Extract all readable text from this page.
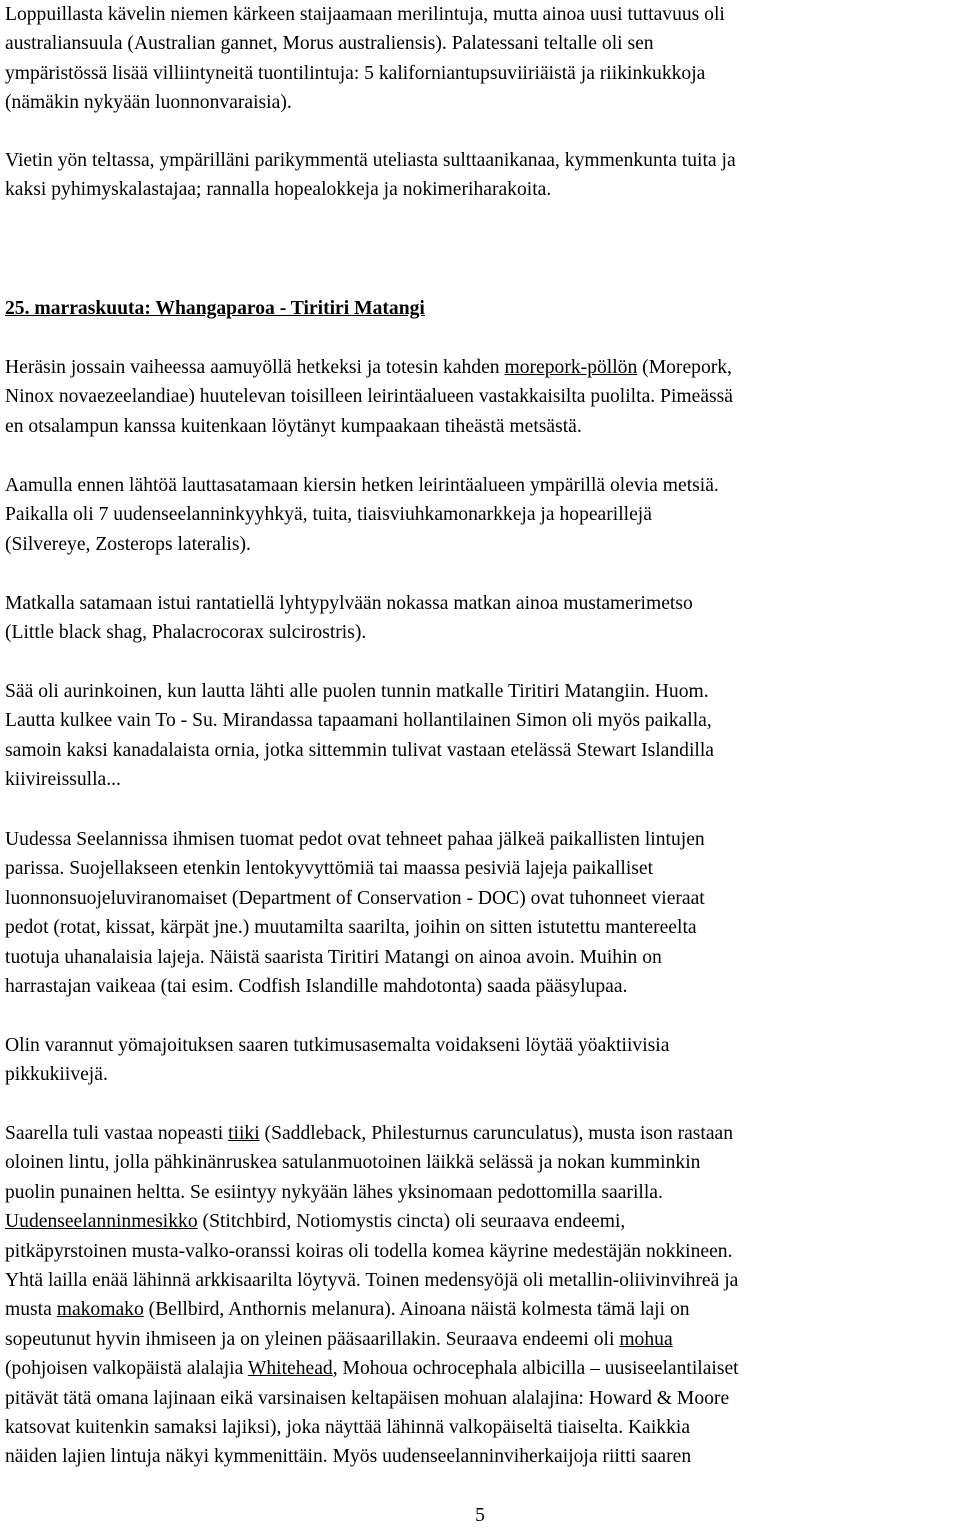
Loppuillasta kävelin niemen kärkeen staijaamaan merilintuja, mutta ainoa uusi tuttavuus oli
australiansuula (Australian gannet, Morus australiensis). Palatessani teltalle oli sen
ympäristössä lisää villiintyneitä tuontilintuja: 5 kaliforniantupsuviiriäistä ja riikinkukkoja
(nämäkin nykyään luonnonvaraisia).

Vietin yön teltassa, ympärilläni parikymmentä uteliasta sulttaanikanaa, kymmenkunta tuita ja
kaksi pyhimyskalastajaa; rannalla hopealokkeja ja nokimeriharakoita.

25. marraskuuta: Whangaparoa - Tiritiri Matangi

Heräsin jossain vaiheessa aamuyöllä hetkeksi ja totesin kahden morepork-pöllön (Morepork,
Ninox novaezeelandiae) huutelevan toisilleen leirintäalueen vastakkaisilta puolilta. Pimeässä
en otsalampun kanssa kuitenkaan löytänyt kumpaakaan tiheästä metsästä.

Aamulla ennen lähtöä lauttasatamaan kiersin hetken leirintäalueen ympärillä olevia metsiä.
Paikalla oli 7 uudenseelanninkyyhkyä, tuita, tiaisviuhkamonarkkeja ja hopearillejä
(Silvereye, Zosterops lateralis).

Matkalla satamaan istui rantatiellä lyhtypylvään nokassa matkan ainoa mustamerimetso
(Little black shag, Phalacrocorax sulcirostris).

Sää oli aurinkoinen, kun lautta lähti alle puolen tunnin matkalle Tiritiri Matangiin. Huom.
Lautta kulkee vain To - Su. Mirandassa tapaamani hollantilainen Simon oli myös paikalla,
samoin kaksi kanadalaista ornia, jotka sittemmin tulivat vastaan etelässä Stewart Islandilla
kiivireissulla...

Uudessa Seelannissa ihmisen tuomat pedot ovat tehneet pahaa jälkeä paikallisten lintujen
parissa. Suojellakseen etenkin lentokyvyttömiä tai maassa pesiviä lajeja paikalliset
luonnonsuojeluviranomaiset (Department of Conservation - DOC) ovat tuhonneet vieraat
pedot (rotat, kissat, kärpät jne.) muutamilta saarilta, joihin on sitten istutettu mantereelta
tuotuja uhanalaisia lajeja. Näistä saarista Tiritiri Matangi on ainoa avoin. Muihin on
harrastajan vaikeaa (tai esim. Codfish Islandille mahdotonta) saada pääsylupaa.

Olin varannut yömajoituksen saaren tutkimusasemalta voidakseni löytää yöaktiivisia
pikkukiivejä.

Saarella tuli vastaa nopeasti tiiki (Saddleback, Philesturnus carunculatus), musta ison rastaan
oloinen lintu, jolla pähkinänruskea satulanmuotoinen läikkä selässä ja nokan kumminkin
puolin punainen heltta. Se esiintyy nykyään lähes yksinomaan pedottomilla saarilla.
Uudenseelanninmesikko (Stitchbird, Notiomystis cincta) oli seuraava endeemi,
pitkäpyrstoinen musta-valko-oranssi koiras oli todella komea käyrine medestäjän nokkineen.
Yhtä lailla enää lähinnä arkkisaarilta löytyvä. Toinen medensyöjä oli metallin-oliivinvihreä ja
musta makomako (Bellbird, Anthornis melanura). Ainoana näistä kolmesta tämä laji on
sopeutunut hyvin ihmiseen ja on yleinen pääsaarillakin. Seuraava endeemi oli mohua
(pohjoisen valkopäistä alalajia Whitehead, Mohoua ochrocephala albicilla – uusiseelantilaiset
pitävät tätä omana lajinaan eikä varsinaisen keltapäisen mohuan alalajina: Howard & Moore
katsovat kuitenkin samaksi lajiksi), joka näyttää lähinnä valkopäiseltä tiaiselta. Kaikkia
näiden lajien lintuja näkyi kymmenittäin. Myös uudenseelanninviherkaijoja riitti saaren

5
